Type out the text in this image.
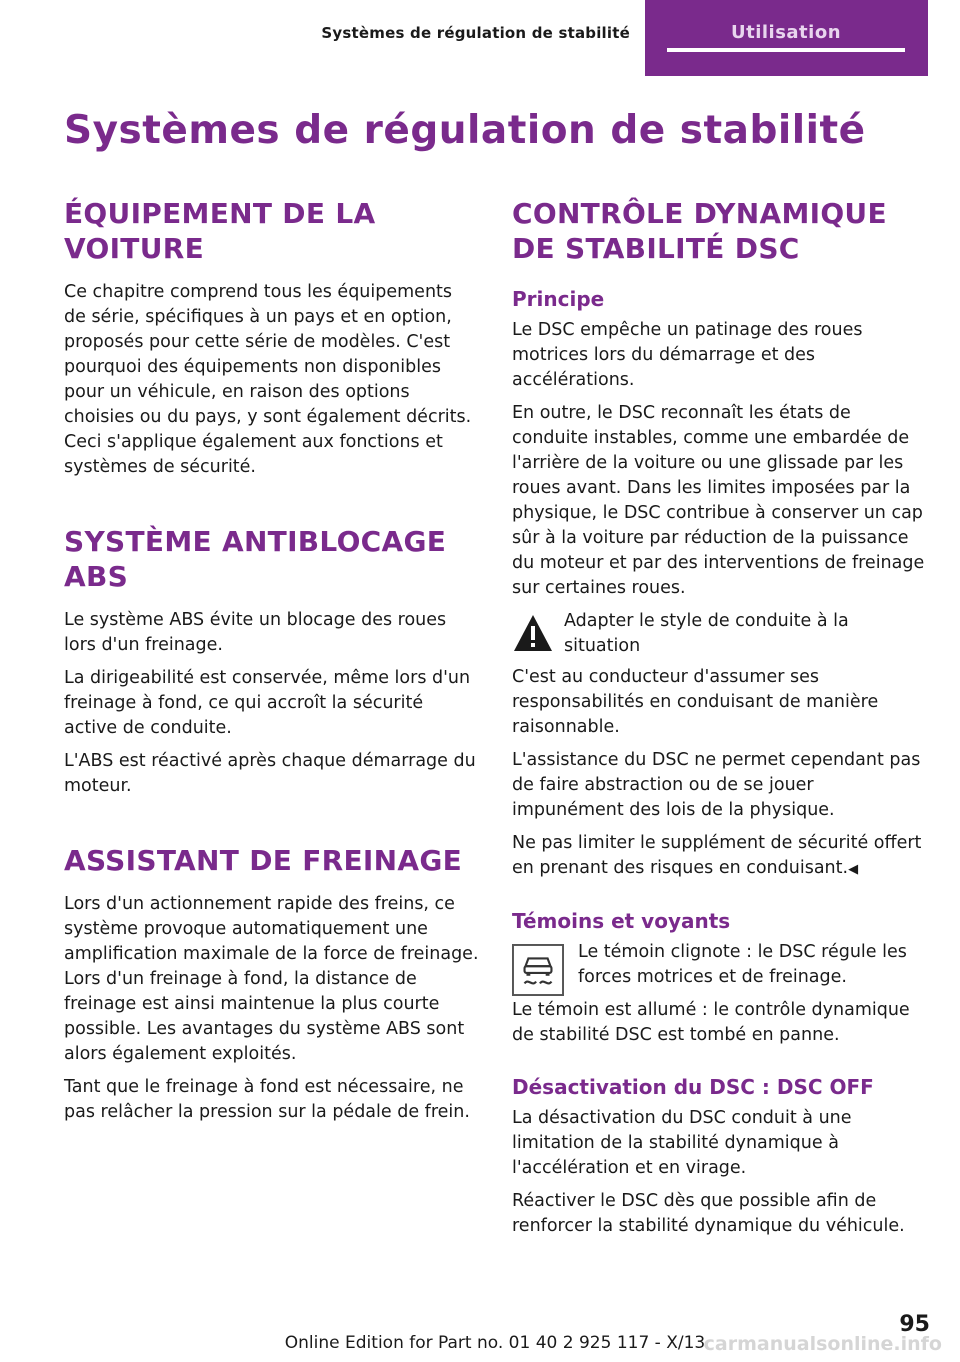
Systèmes de régulation de stabilité	Utilisation
Systèmes de régulation de stabilité
ÉQUIPEMENT DE LA VOITURE

Ce chapitre comprend tous les équipements de série, spécifiques à un pays et en option, proposés pour cette série de modèles. C'est pourquoi des équipements non disponibles pour un véhicule, en raison des options choisies ou du pays, y sont également décrits. Ceci s'applique également aux fonctions et systèmes de sécurité.

SYSTÈME ANTIBLOCAGE ABS

Le système ABS évite un blocage des roues lors d'un freinage.

La dirigeabilité est conservée, même lors d'un freinage à fond, ce qui accroît la sécurité active de conduite.

L'ABS est réactivé après chaque démarrage du moteur.

ASSISTANT DE FREINAGE

Lors d'un actionnement rapide des freins, ce système provoque automatiquement une amplification maximale de la force de freinage. Lors d'un freinage à fond, la distance de freinage est ainsi maintenue la plus courte possible. Les avantages du système ABS sont alors également exploités.

Tant que le freinage à fond est nécessaire, ne pas relâcher la pression sur la pédale de frein.

CONTRÔLE DYNAMIQUE DE STABILITÉ DSC
Principe

Le DSC empêche un patinage des roues motrices lors du démarrage et des accélérations.

En outre, le DSC reconnaît les états de conduite instables, comme une embardée de l'arrière de la voiture ou une glissade par les roues avant. Dans les limites imposées par la physique, le DSC contribue à conserver un cap sûr à la voiture par réduction de la puissance du moteur et par des interventions de freinage sur certaines roues.

Adapter le style de conduite à la situation

C'est au conducteur d'assumer ses responsabilités en conduisant de manière raisonnable.

L'assistance du DSC ne permet cependant pas de faire abstraction ou de se jouer impunément des lois de la physique.

Ne pas limiter le supplément de sécurité offert en prenant des risques en conduisant.◀

Témoins et voyants

Le témoin clignote : le DSC régule les forces motrices et de freinage.

Le témoin est allumé : le contrôle dynamique de stabilité DSC est tombé en panne.

Désactivation du DSC : DSC OFF

La désactivation du DSC conduit à une limitation de la stabilité dynamique à l'accélération et en virage.

Réactiver le DSC dès que possible afin de renforcer la stabilité dynamique du véhicule.

95
Online Edition for Part no. 01 40 2 925 117 - X/13
carmanualsonline.info
